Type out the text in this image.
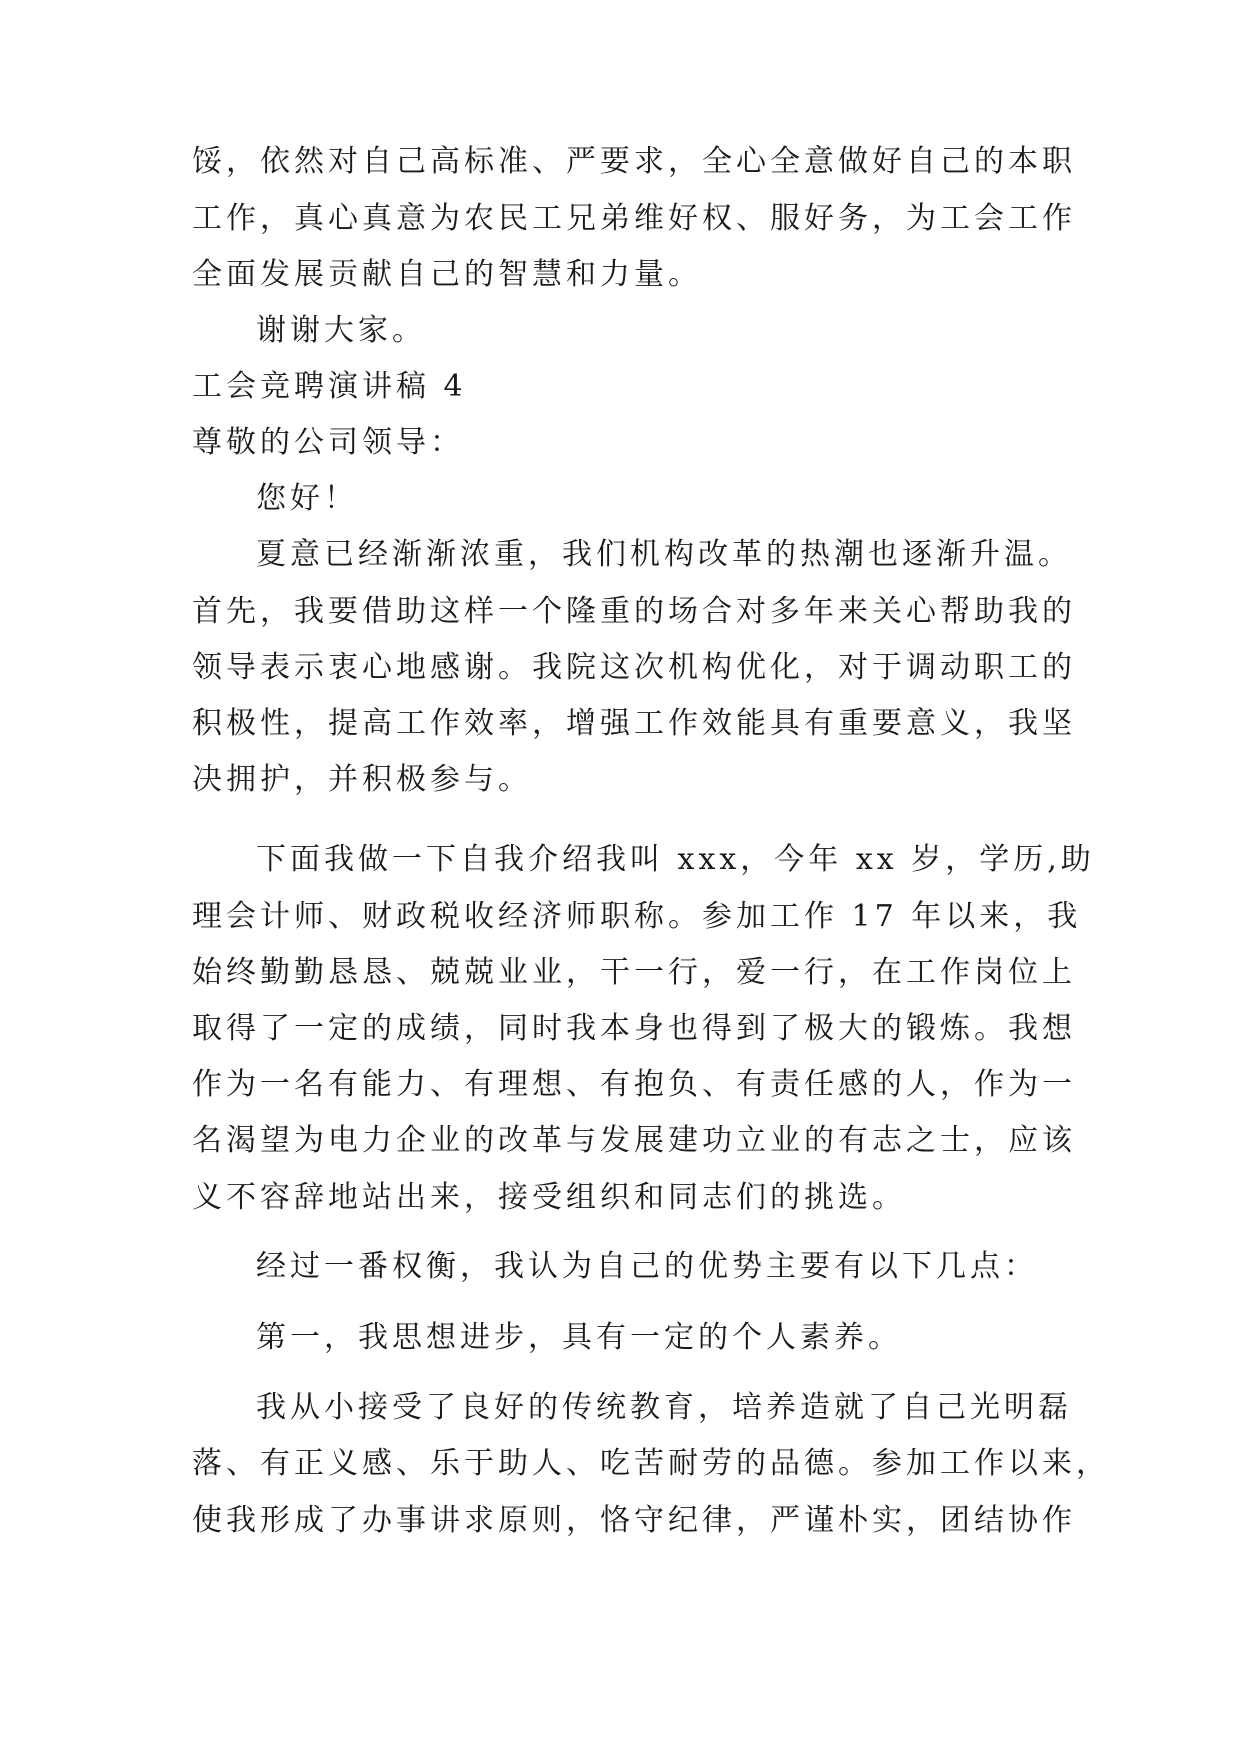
馁，依然对自己高标准、严要求，全心全意做好自己的本职
工作，真心真意为农民工兄弟维好权、服好务，为工会工作
全面发展贡献自己的智慧和力量。
谢谢大家。
工会竞聘演讲稿 4
尊敬的公司领导：
您好！
夏意已经渐渐浓重，我们机构改革的热潮也逐渐升温。
首先，我要借助这样一个隆重的场合对多年来关心帮助我的
领导表示衷心地感谢。我院这次机构优化，对于调动职工的
积极性，提高工作效率，增强工作效能具有重要意义，我坚
决拥护，并积极参与。
下面我做一下自我介绍我叫 xxx，今年 xx 岁，学历,助
理会计师、财政税收经济师职称。参加工作 17 年以来，我
始终勤勤恳恳、兢兢业业，干一行，爱一行，在工作岗位上
取得了一定的成绩，同时我本身也得到了极大的锻炼。我想
作为一名有能力、有理想、有抱负、有责任感的人，作为一
名渴望为电力企业的改革与发展建功立业的有志之士，应该
义不容辞地站出来，接受组织和同志们的挑选。
经过一番权衡，我认为自己的优势主要有以下几点：
第一，我思想进步，具有一定的个人素养。
我从小接受了良好的传统教育，培养造就了自己光明磊
落、有正义感、乐于助人、吃苦耐劳的品德。参加工作以来，
使我形成了办事讲求原则，恪守纪律，严谨朴实，团结协作
